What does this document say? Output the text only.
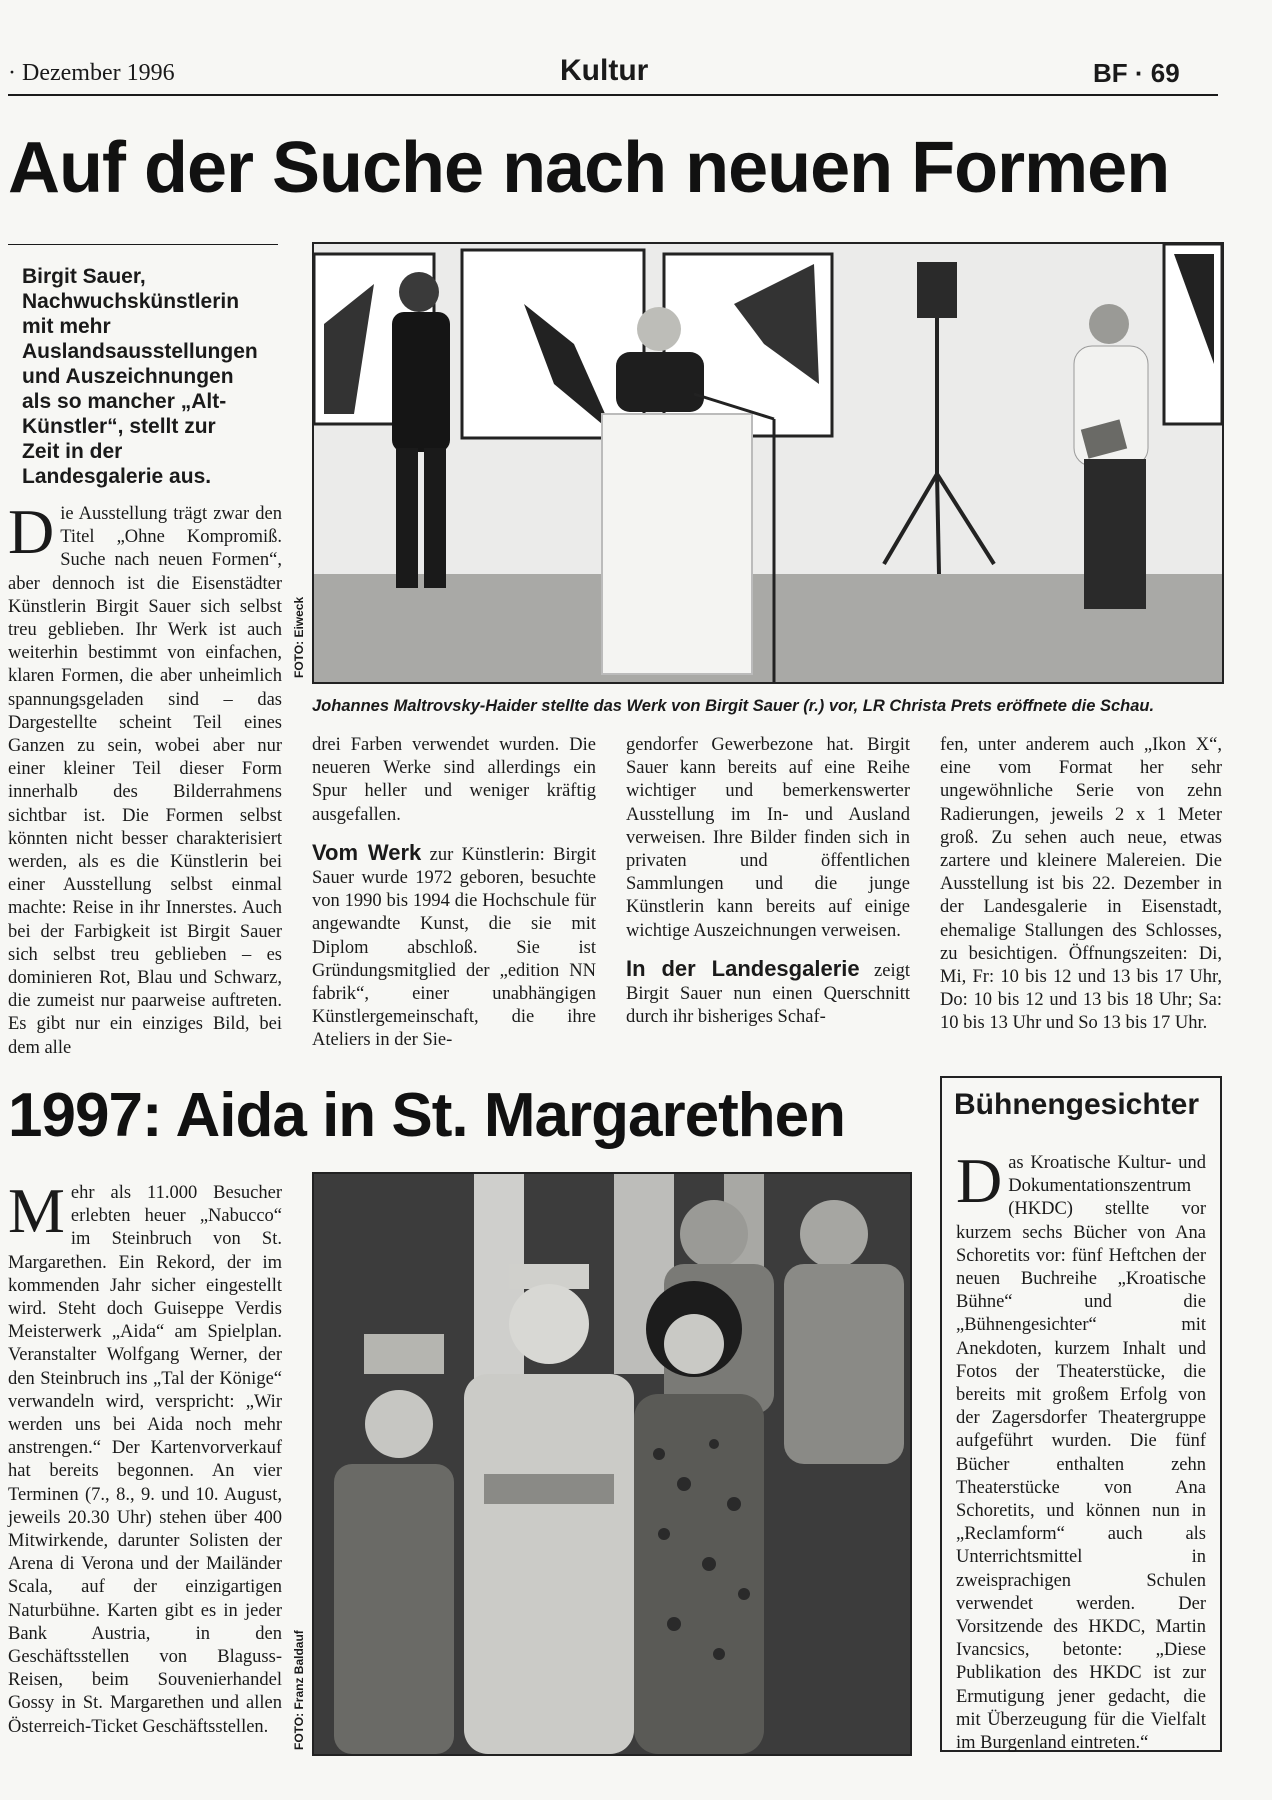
· Dezember 1996	Kultur	BF · 69
Auf der Suche nach neuen Formen
Birgit Sauer, Nachwuchskünstlerin mit mehr Auslandsausstellungen und Auszeichnungen als so mancher „Alt-Künstler“, stellt zur Zeit in der Landesgalerie aus.
FOTO: Eiweck
Johannes Maltrovsky-Haider stellte das Werk von Birgit Sauer (r.) vor, LR Christa Prets eröffnete die Schau.
Die Ausstellung trägt zwar den Titel „Ohne Kompromiß. Suche nach neuen Formen“, aber dennoch ist die Eisenstädter Künstlerin Birgit Sauer sich selbst treu geblieben. Ihr Werk ist auch weiterhin bestimmt von einfachen, klaren Formen, die aber unheimlich spannungsgeladen sind – das Dargestellte scheint Teil eines Ganzen zu sein, wobei aber nur einer kleiner Teil dieser Form innerhalb des Bilderrahmens sichtbar ist. Die Formen selbst könnten nicht besser charakterisiert werden, als es die Künstlerin bei einer Ausstellung selbst einmal machte: Reise in ihr Innerstes. Auch bei der Farbigkeit ist Birgit Sauer sich selbst treu geblieben – es dominieren Rot, Blau und Schwarz, die zumeist nur paarweise auftreten. Es gibt nur ein einziges Bild, bei dem alle

drei Farben verwendet wurden. Die neueren Werke sind allerdings ein Spur heller und weniger kräftig ausgefallen.

Vom Werk zur Künstlerin: Birgit Sauer wurde 1972 geboren, besuchte von 1990 bis 1994 die Hochschule für angewandte Kunst, die sie mit Diplom abschloß. Sie ist Gründungsmitglied der „edition NN fabrik“, einer unabhängigen Künstlergemeinschaft, die ihre Ateliers in der Sie-

gendorfer Gewerbezone hat. Birgit Sauer kann bereits auf eine Reihe wichtiger und bemerkenswerter Ausstellung im In- und Ausland verweisen. Ihre Bilder finden sich in privaten und öffentlichen Sammlungen und die junge Künstlerin kann bereits auf einige wichtige Auszeichnungen verweisen.

In der Landesgalerie zeigt Birgit Sauer nun einen Querschnitt durch ihr bisheriges Schaf-

fen, unter anderem auch „Ikon X“, eine vom Format her sehr ungewöhnliche Serie von zehn Radierungen, jeweils 2 x 1 Meter groß. Zu sehen auch neue, etwas zartere und kleinere Malereien. Die Ausstellung ist bis 22. Dezember in der Landesgalerie in Eisenstadt, ehemalige Stallungen des Schlosses, zu besichtigen. Öffnungszeiten: Di, Mi, Fr: 10 bis 12 und 13 bis 17 Uhr, Do: 10 bis 12 und 13 bis 18 Uhr; Sa: 10 bis 13 Uhr und So 13 bis 17 Uhr.

1997: Aida in St. Margarethen
Mehr als 11.000 Besucher erlebten heuer „Nabucco“ im Steinbruch von St. Margarethen. Ein Rekord, der im kommenden Jahr sicher eingestellt wird. Steht doch Guiseppe Verdis Meisterwerk „Aida“ am Spielplan. Veranstalter Wolfgang Werner, der den Steinbruch ins „Tal der Könige“ verwandeln wird, verspricht: „Wir werden uns bei Aida noch mehr anstrengen.“ Der Kartenvorverkauf hat bereits begonnen. An vier Terminen (7., 8., 9. und 10. August, jeweils 20.30 Uhr) stehen über 400 Mitwirkende, darunter Solisten der Arena di Verona und der Mailänder Scala, auf der einzigartigen Naturbühne. Karten gibt es in jeder Bank Austria, in den Geschäftsstellen von Blaguss-Reisen, beim Souvenierhandel Gossy in St. Margarethen und allen Österreich-Ticket Geschäftsstellen.	FOTO: Franz Baldauf
Bühnengesichter
Das Kroatische Kultur- und Dokumentationszentrum (HKDC) stellte vor kurzem sechs Bücher von Ana Schoretits vor: fünf Heftchen der neuen Buchreihe „Kroatische Bühne“ und die „Bühnengesichter“ mit Anekdoten, kurzem Inhalt und Fotos der Theaterstücke, die bereits mit großem Erfolg von der Zagersdorfer Theatergruppe aufgeführt wurden. Die fünf Bücher enthalten zehn Theaterstücke von Ana Schoretits, und können nun in „Reclamform“ auch als Unterrichtsmittel in zweisprachigen Schulen verwendet werden. Der Vorsitzende des HKDC, Martin Ivancsics, betonte: „Diese Publikation des HKDC ist zur Ermutigung jener gedacht, die mit Überzeugung für die Vielfalt im Burgenland eintreten.“
